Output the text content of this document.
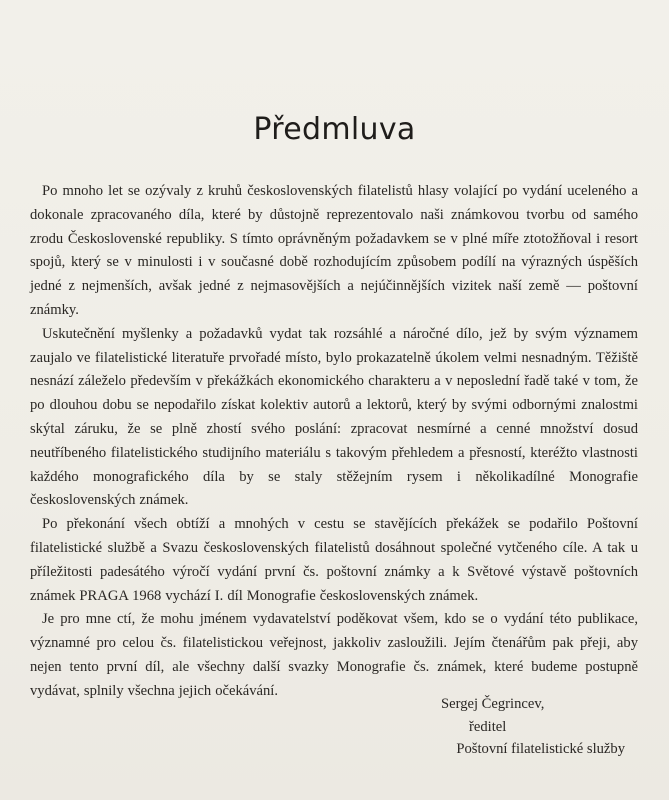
Předmluva

Po mnoho let se ozývaly z kruhů československých filatelistů hlasy volající po vydání uceleného a dokonale zpracovaného díla, které by důstojně reprezentovalo naši známkovou tvorbu od samého zrodu Československé republiky. S tímto oprávněným požadavkem se v plné míře ztotožňoval i resort spojů, který se v minulosti i v současné době rozhodujícím způsobem podílí na výrazných úspěších jedné z nejmenších, avšak jedné z nejmasovějších a nejúčinnějších vizitek naší země — poštovní známky.

Uskutečnění myšlenky a požadavků vydat tak rozsáhlé a náročné dílo, jež by svým významem zaujalo ve filatelistické literatuře prvořadé místo, bylo prokazatelně úkolem velmi nesnadným. Těžiště nesnází záleželo především v překážkách ekonomického charakteru a v neposlední řadě také v tom, že po dlouhou dobu se nepodařilo získat kolektiv autorů a lektorů, který by svými odbornými znalostmi skýtal záruku, že se plně zhostí svého poslání: zpracovat nesmírné a cenné množství dosud neutříbeného filatelistického studijního materiálu s takovým přehledem a přesností, kteréžto vlastnosti každého monografického díla by se staly stěžejním rysem i několikadílné Monografie československých známek.

Po překonání všech obtíží a mnohých v cestu se stavějících překážek se podařilo Poštovní filatelistické službě a Svazu československých filatelistů dosáhnout společné vytčeného cíle. A tak u příležitosti padesátého výročí vydání první čs. poštovní známky a k Světové výstavě poštovních známek PRAGA 1968 vychází I. díl Monografie československých známek.

Je pro mne ctí, že mohu jménem vydavatelství poděkovat všem, kdo se o vydání této publikace, významné pro celou čs. filatelistickou veřejnost, jakkoliv zasloužili. Jejím čtenářům pak přeji, aby nejen tento první díl, ale všechny další svazky Monografie čs. známek, které budeme postupně vydávat, splnily všechna jejich očekávání.

Sergej Čegrincev,
ředitel
Poštovní filatelistické služby
